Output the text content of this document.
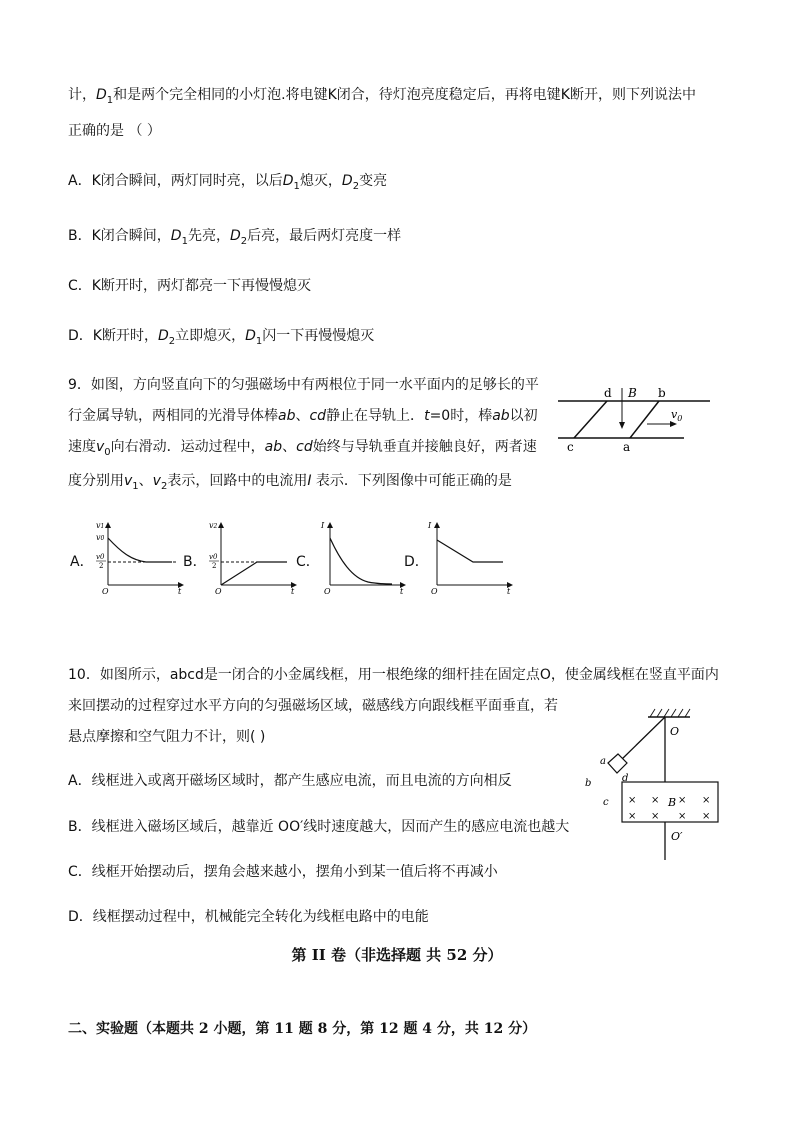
计，$D_1$和是两个完全相同的小灯泡.将电键K闭合，待灯泡亮度稳定后，再将电键K断开，则下列说法中
正确的是 （ ）
A．K闭合瞬间，两灯同时亮，以后$D_1$熄灭，$D_2$变亮
B．K闭合瞬间，$D_1$先亮，$D_2$后亮，最后两灯亮度一样
C．K断开时，两灯都亮一下再慢慢熄灭
D．K断开时，$D_2$立即熄灭，$D_1$闪一下再慢慢熄灭
9．如图，方向竖直向下的匀强磁场中有两根位于同一水平面内的足够长的平
行金属导轨，两相同的光滑导体棒ab、cd静止在导轨上．t=0时，棒ab以初
速度$v_0$向右滑动．运动过程中，ab、cd始终与导轨垂直并接触良好，两者速
度分别用$v_1$、$v_2$表示，回路中的电流用I 表示．下列图像中可能正确的是
d B b
c	a
$v_0$
A．
v1
v0
v0
2
O	t
B．
v2
v0
2
O	t
C．
I
O	t
D．
I
O	t
10．如图所示，abcd是一闭合的小金属线框，用一根绝缘的细杆挂在固定点O，使金属线框在竖直平面内
来回摆动的过程穿过水平方向的匀强磁场区域，磁感线方向跟线框平面垂直，若
悬点摩擦和空气阻力不计，则( )
A．线框进入或离开磁场区域时，都产生感应电流，而且电流的方向相反
B．线框进入磁场区域后，越靠近 OO′线时速度越大，因而产生的感应电流也越大
C．线框开始摆动后，摆角会越来越小，摆角小到某一值后将不再减小
D．线框摆动过程中，机械能完全转化为线框电路中的电能
O
O′
a
b
c
d
B
× × × ×
× × × ×
第 II 卷（非选择题 共 52 分）
二、实验题（本题共 2 小题，第 11 题 8 分，第 12 题 4 分，共 12 分）
